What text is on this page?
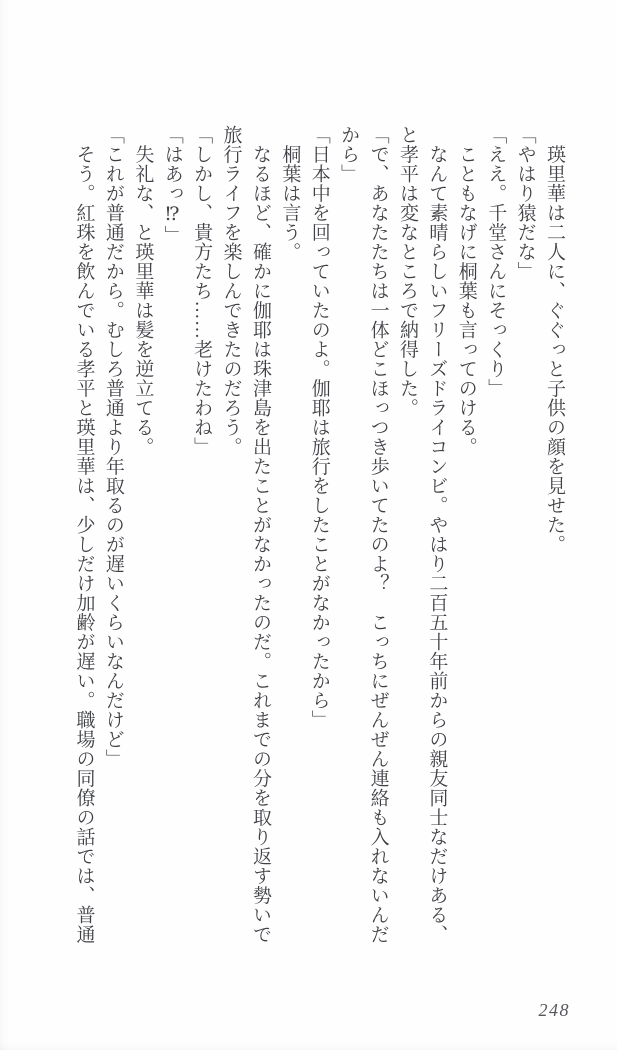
　瑛里華は二人に、ぐぐっと子供の顔を見せた。

「やはり猿だな」

「ええ。千堂さんにそっくり」

　こともなげに桐葉も言ってのける。

　なんて素晴らしいフリーズドライコンビ。やはり二百五十年前からの親友同士なだけある、

と孝平は変なところで納得した。

「で、あなたたちは一体どこほっつき歩いてたのよ？　こっちにぜんぜん連絡も入れないんだ

から」

「日本中を回っていたのよ。伽耶は旅行をしたことがなかったから」

　桐葉は言う。

　なるほど、確かに伽耶は珠津島を出たことがなかったのだ。これまでの分を取り返す勢いで

旅行ライフを楽しんできたのだろう。

「しかし、貴方たち……老けたわね」

「はあっ⁉」

　失礼な、と瑛里華は髪を逆立てる。

「これが普通だから。むしろ普通より年取るのが遅いくらいなんだけど」

　そう。紅珠を飲んでいる孝平と瑛里華は、少しだけ加齢が遅い。職場の同僚の話では、普通

248
